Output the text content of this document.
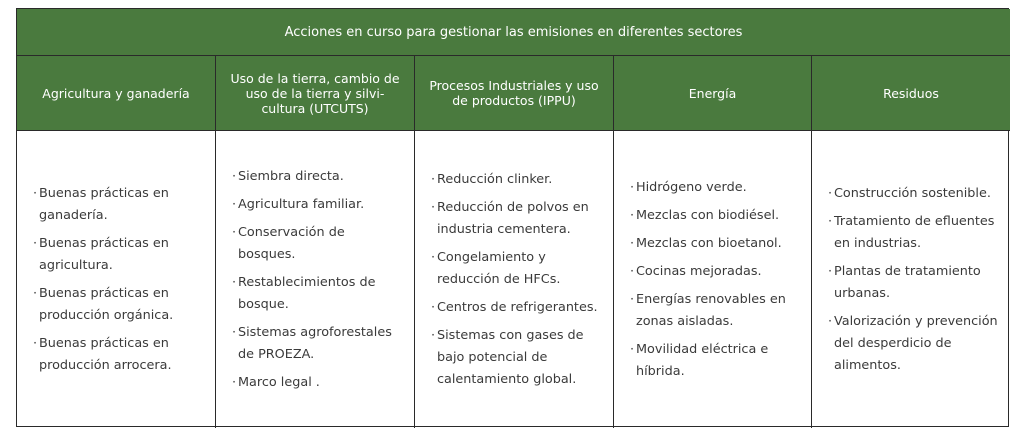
Acciones en curso para gestionar las emisiones en diferentes sectores
Agricultura y ganadería
Uso de la tierra, cambio de uso de la tierra y silvi-cultura (UTCUTS)
Procesos Industriales y uso de productos (IPPU)	Energía	Residuos
· Buenas prácticas en ganadería.
· Buenas prácticas en agricultura.
· Buenas prácticas en producción orgánica.
· Buenas prácticas en producción arrocera.
· Siembra directa.
· Agricultura familiar.
· Conservación de bosques.
· Restablecimientos de bosque.
· Sistemas agroforestales de PROEZA.
· Marco legal .
· Reducción clinker.
· Reducción de polvos en industria cementera.
· Congelamiento y reducción de HFCs.
· Centros de refrigerantes.
· Sistemas con gases de bajo potencial de calentamiento global.
· Hidrógeno verde.
· Mezclas con biodiésel.
· Mezclas con bioetanol.
· Cocinas mejoradas.
· Energías renovables en zonas aisladas.
· Movilidad eléctrica e híbrida.
· Construcción sostenible.
· Tratamiento de efluentes en industrias.
· Plantas de tratamiento urbanas.
· Valorización y prevención del desperdicio de alimentos.
